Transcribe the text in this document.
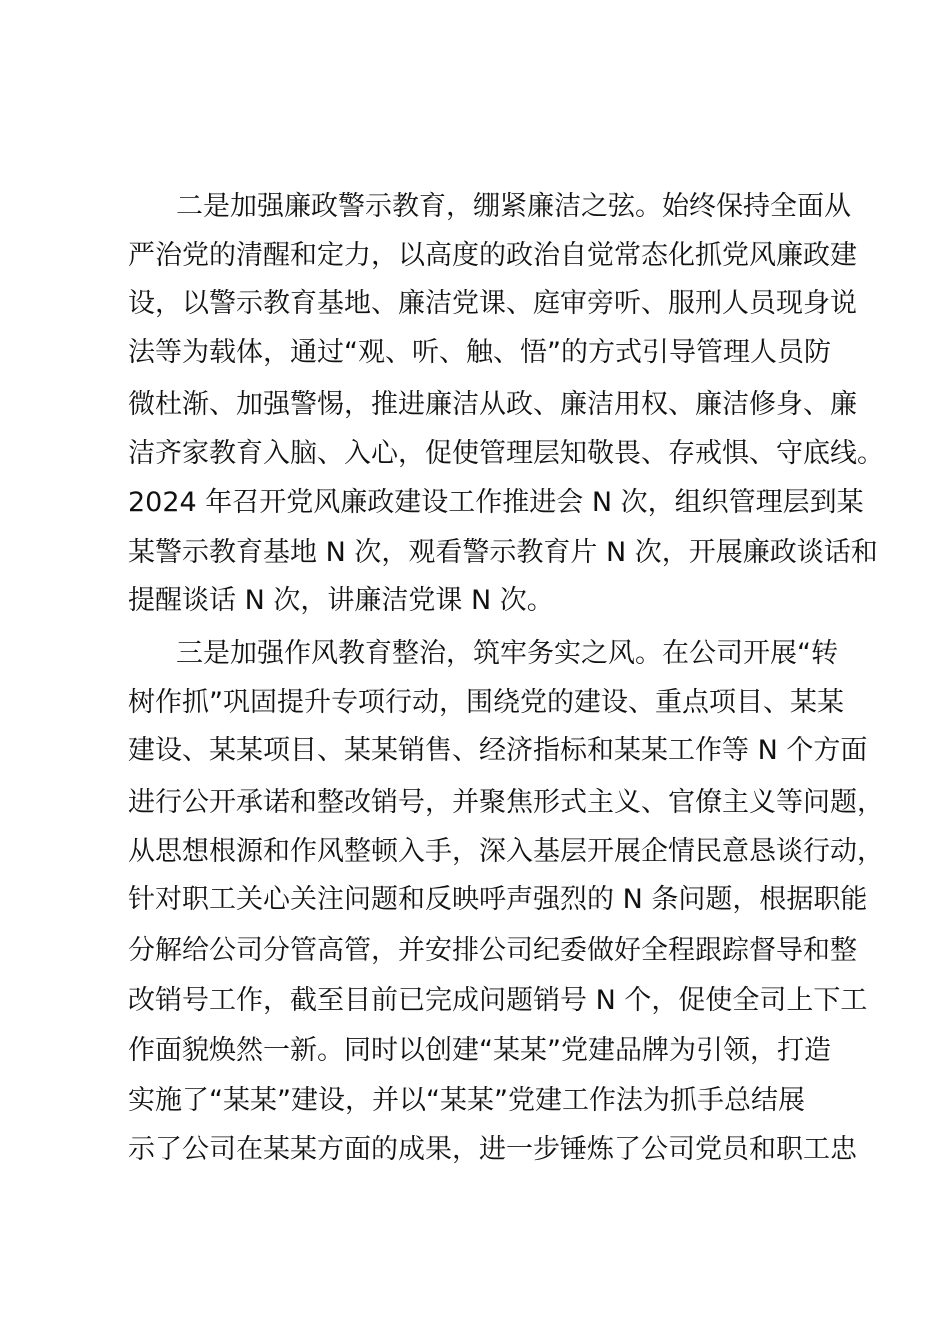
二是加强廉政警示教育，绷紧廉洁之弦。始终保持全面从
严治党的清醒和定力，以高度的政治自觉常态化抓党风廉政建
设，以警示教育基地、廉洁党课、庭审旁听、服刑人员现身说
法等为载体，通过“观、听、触、悟”的方式引导管理人员防
微杜渐、加强警惕，推进廉洁从政、廉洁用权、廉洁修身、廉
洁齐家教育入脑、入心，促使管理层知敬畏、存戒惧、守底线。
2024 年召开党风廉政建设工作推进会 N 次，组织管理层到某
某警示教育基地 N 次，观看警示教育片 N 次，开展廉政谈话和
提醒谈话 N 次，讲廉洁党课 N 次。
三是加强作风教育整治，筑牢务实之风。在公司开展“转
树作抓”巩固提升专项行动，围绕党的建设、重点项目、某某
建设、某某项目、某某销售、经济指标和某某工作等 N 个方面
进行公开承诺和整改销号，并聚焦形式主义、官僚主义等问题，
从思想根源和作风整顿入手，深入基层开展企情民意恳谈行动，
针对职工关心关注问题和反映呼声强烈的 N 条问题，根据职能
分解给公司分管高管，并安排公司纪委做好全程跟踪督导和整
改销号工作，截至目前已完成问题销号 N 个，促使全司上下工
作面貌焕然一新。同时以创建“某某”党建品牌为引领，打造
实施了“某某”建设，并以“某某”党建工作法为抓手总结展
示了公司在某某方面的成果，进一步锤炼了公司党员和职工忠
